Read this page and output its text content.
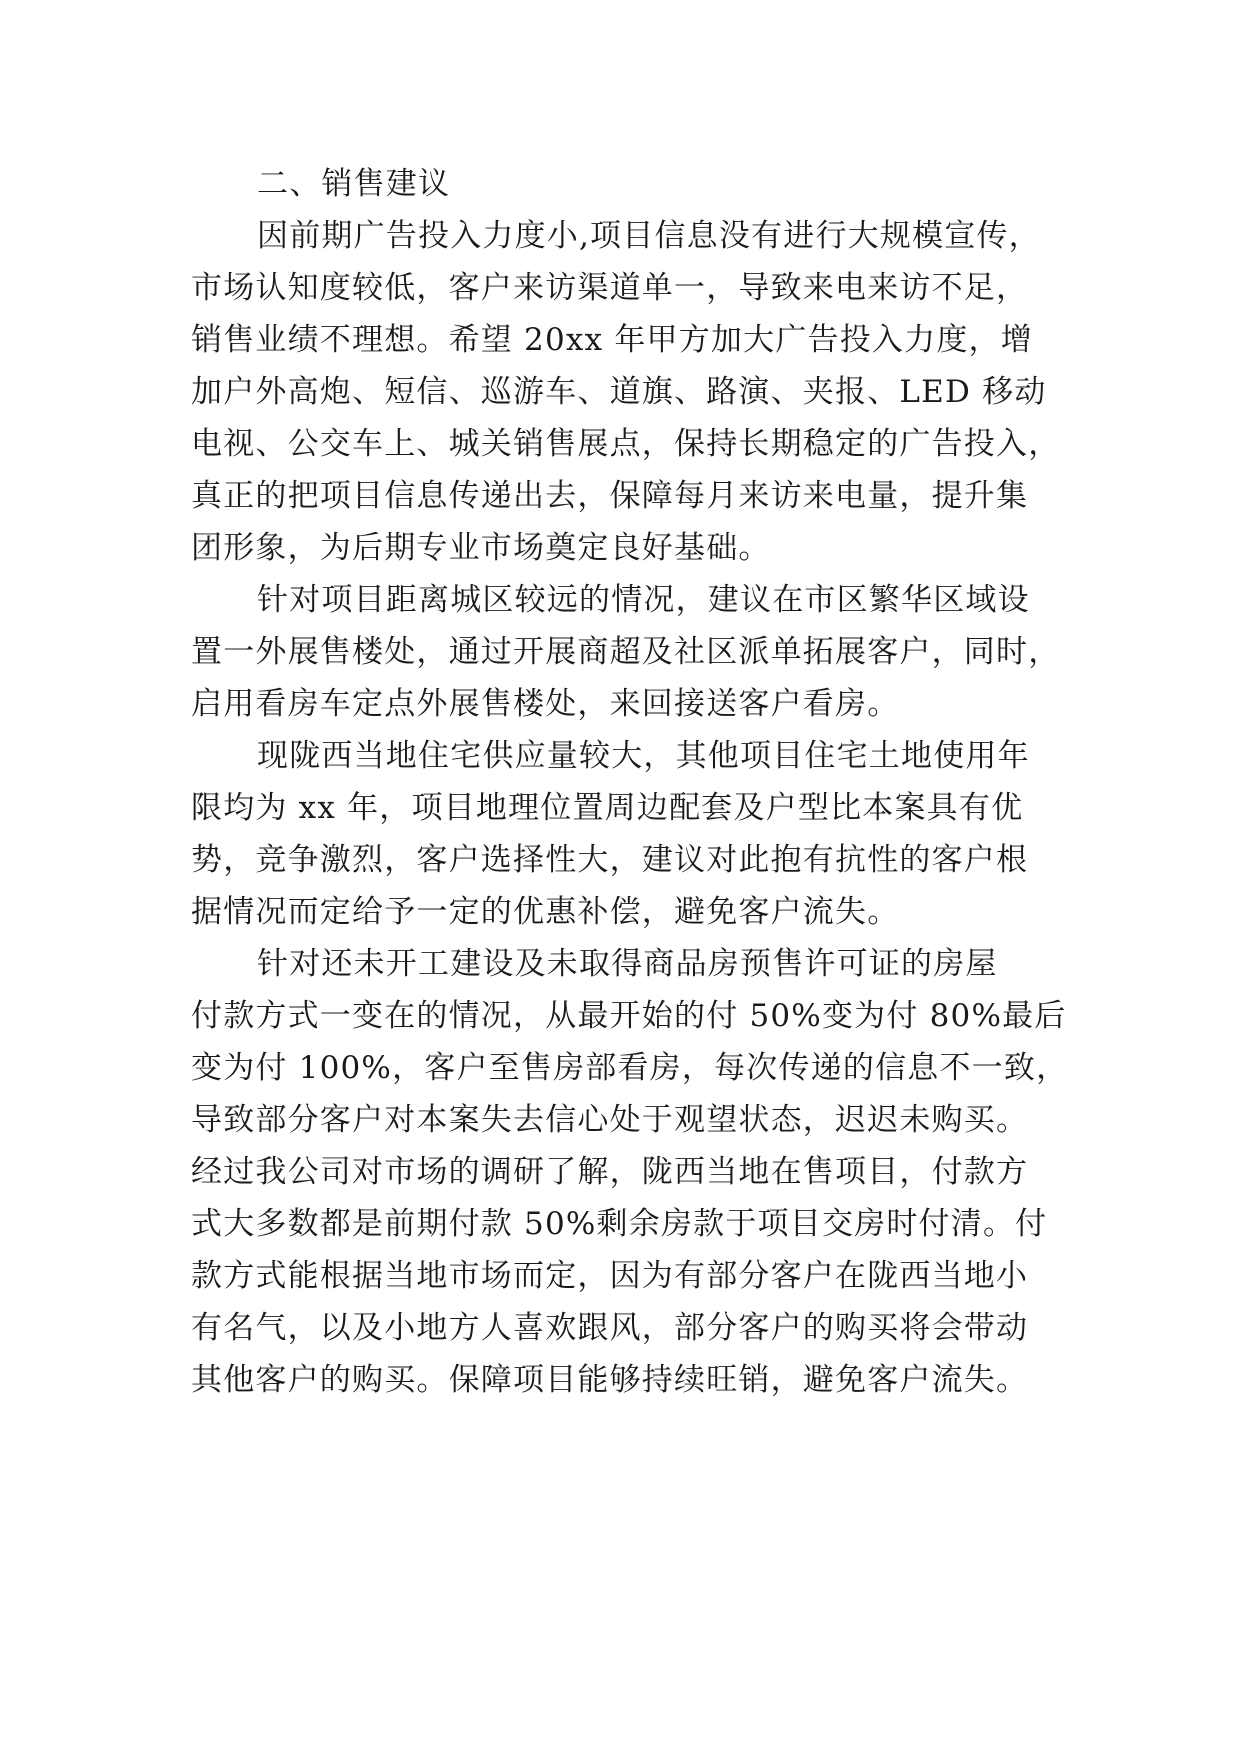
二、销售建议
因前期广告投入力度小,项目信息没有进行大规模宣传，
市场认知度较低，客户来访渠道单一，导致来电来访不足，
销售业绩不理想。希望 20xx 年甲方加大广告投入力度，增
加户外高炮、短信、巡游车、道旗、路演、夹报、LED 移动
电视、公交车上、城关销售展点，保持长期稳定的广告投入，
真正的把项目信息传递出去，保障每月来访来电量，提升集
团形象，为后期专业市场奠定良好基础。
针对项目距离城区较远的情况，建议在市区繁华区域设
置一外展售楼处，通过开展商超及社区派单拓展客户，同时，
启用看房车定点外展售楼处，来回接送客户看房。
现陇西当地住宅供应量较大，其他项目住宅土地使用年
限均为 xx 年，项目地理位置周边配套及户型比本案具有优
势，竞争激烈，客户选择性大，建议对此抱有抗性的客户根
据情况而定给予一定的优惠补偿，避免客户流失。
针对还未开工建设及未取得商品房预售许可证的房屋
付款方式一变在的情况，从最开始的付 50%变为付 80%最后
变为付 100%，客户至售房部看房，每次传递的信息不一致，
导致部分客户对本案失去信心处于观望状态，迟迟未购买。
经过我公司对市场的调研了解，陇西当地在售项目，付款方
式大多数都是前期付款 50%剩余房款于项目交房时付清。付
款方式能根据当地市场而定，因为有部分客户在陇西当地小
有名气，以及小地方人喜欢跟风，部分客户的购买将会带动
其他客户的购买。保障项目能够持续旺销，避免客户流失。
